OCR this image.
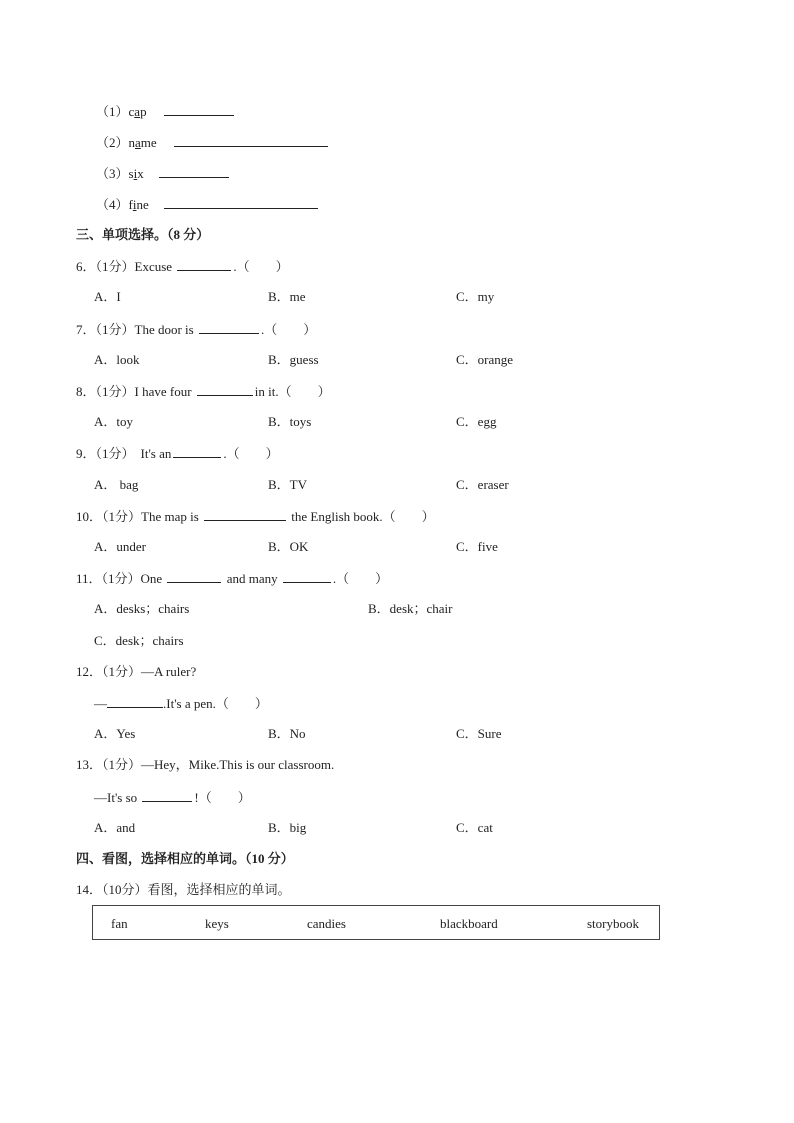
（1）cap
（2）name
（3）six
（4）fine
三、单项选择。（8 分）
6．（1分）Excuse	.（　　）
A．I	B．me	C．my
7．（1分）The door is	.（　　）
A．look	B．guess	C．orange
8．（1分）I have four	in it.（　　）
A．toy	B．toys	C．egg
9．（1分） It's an	.（　　）
A． bag	B．TV	C．eraser
10．（1分）The map is	the English book.（　　）
A．under	B．OK	C．five
11．（1分）One	and many	.（　　）
A．desks；chairs	B．desk；chair
C．desk；chairs
12．（1分）—A ruler?
—	.It's a pen.（　　）
A．Yes	B．No	C．Sure
13．（1分）—Hey，Mike.This is our classroom.
—It's so	!（　　）
A．and	B．big	C．cat
四、看图，选择相应的单词。（10 分）
14．（10分）看图，选择相应的单词。
fan	keys	candies	blackboard	storybook
